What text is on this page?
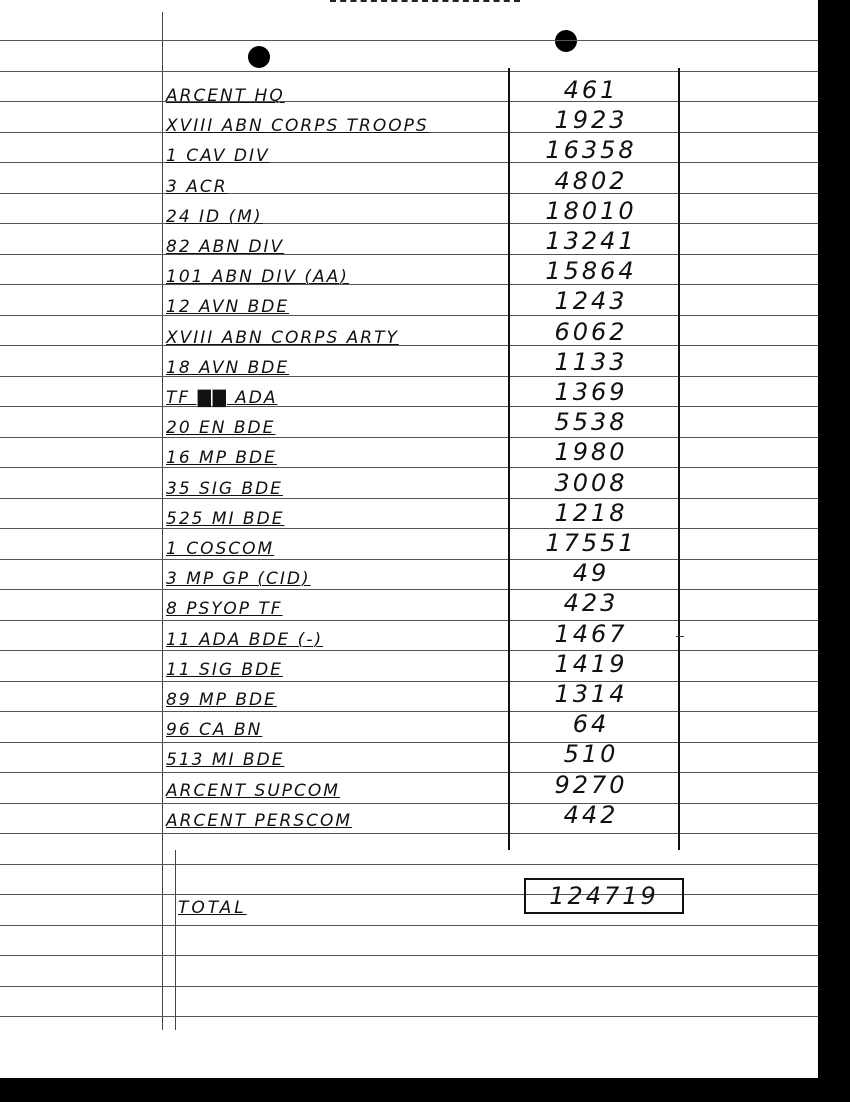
ARCENT HQ	461
XVIII ABN CORPS TROOPS	1923
1 CAV DIV	16358
3 ACR	4802
24 ID (M)	18010
82 ABN DIV	13241
101 ABN DIV (AA)	15864
12 AVN BDE	1243
XVIII ABN CORPS ARTY	6062
18 AVN BDE	1133
TF ▇▇ ADA	1369
20 EN BDE	5538
16 MP BDE	1980
35 SIG BDE	3008
525 MI BDE	1218
1 COSCOM	17551
3 MP GP (CID)	49
8 PSYOP TF	423
11 ADA BDE (-)	1467
11 SIG BDE	1419
89 MP BDE	1314
96 CA BN	64
513 MI BDE	510
ARCENT SUPCOM	9270
ARCENT PERSCOM	442
TOTAL	124719
